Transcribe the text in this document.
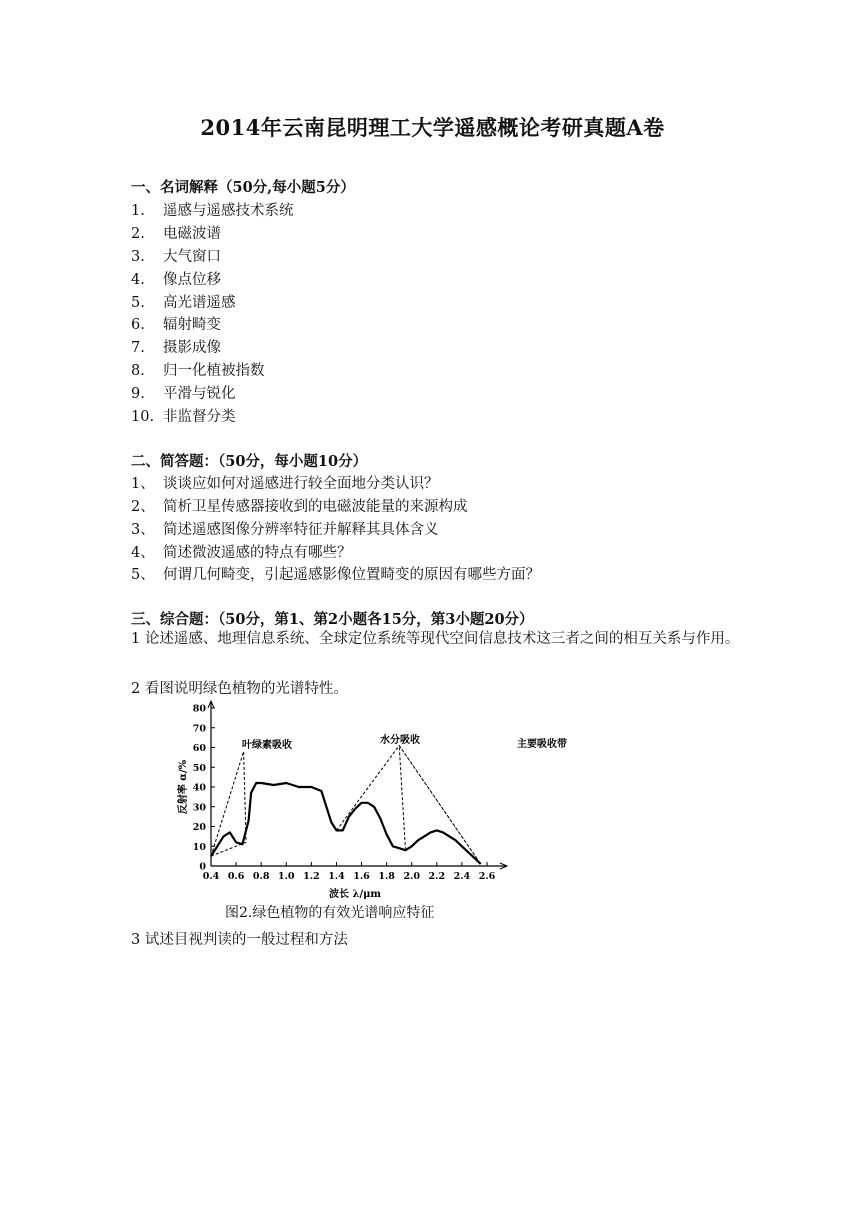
2014年云南昆明理工大学遥感概论考研真题A卷
一、名词解释（50分,每小题5分）
1. 遥感与遥感技术系统
2. 电磁波谱
3. 大气窗口
4. 像点位移
5. 高光谱遥感
6. 辐射畸变
7. 摄影成像
8. 归一化植被指数
9. 平滑与锐化
10. 非监督分类
二、简答题：（50分，每小题10分）
1、 谈谈应如何对遥感进行较全面地分类认识？
2、 简析卫星传感器接收到的电磁波能量的来源构成
3、 简述遥感图像分辨率特征并解释其具体含义
4、 简述微波遥感的特点有哪些？
5、 何谓几何畸变，引起遥感影像位置畸变的原因有哪些方面？
三、综合题：（50分，第1、第2小题各15分，第3小题20分）
1 论述遥感、地理信息系统、全球定位系统等现代空间信息技术这三者之间的相互关系与作用。
2 看图说明绿色植物的光谱特性。
0.4 0.6 0.8 1.0 1.2 1.4 1.6 1.8 2.0 2.2 2.4 2.6
0
10
20
30
40
50
60
70
80
波长 λ/μm
反射率 α/%
叶绿素吸收	水分吸收	主要吸收带
图2.绿色植物的有效光谱响应特征
3 试述目视判读的一般过程和方法
